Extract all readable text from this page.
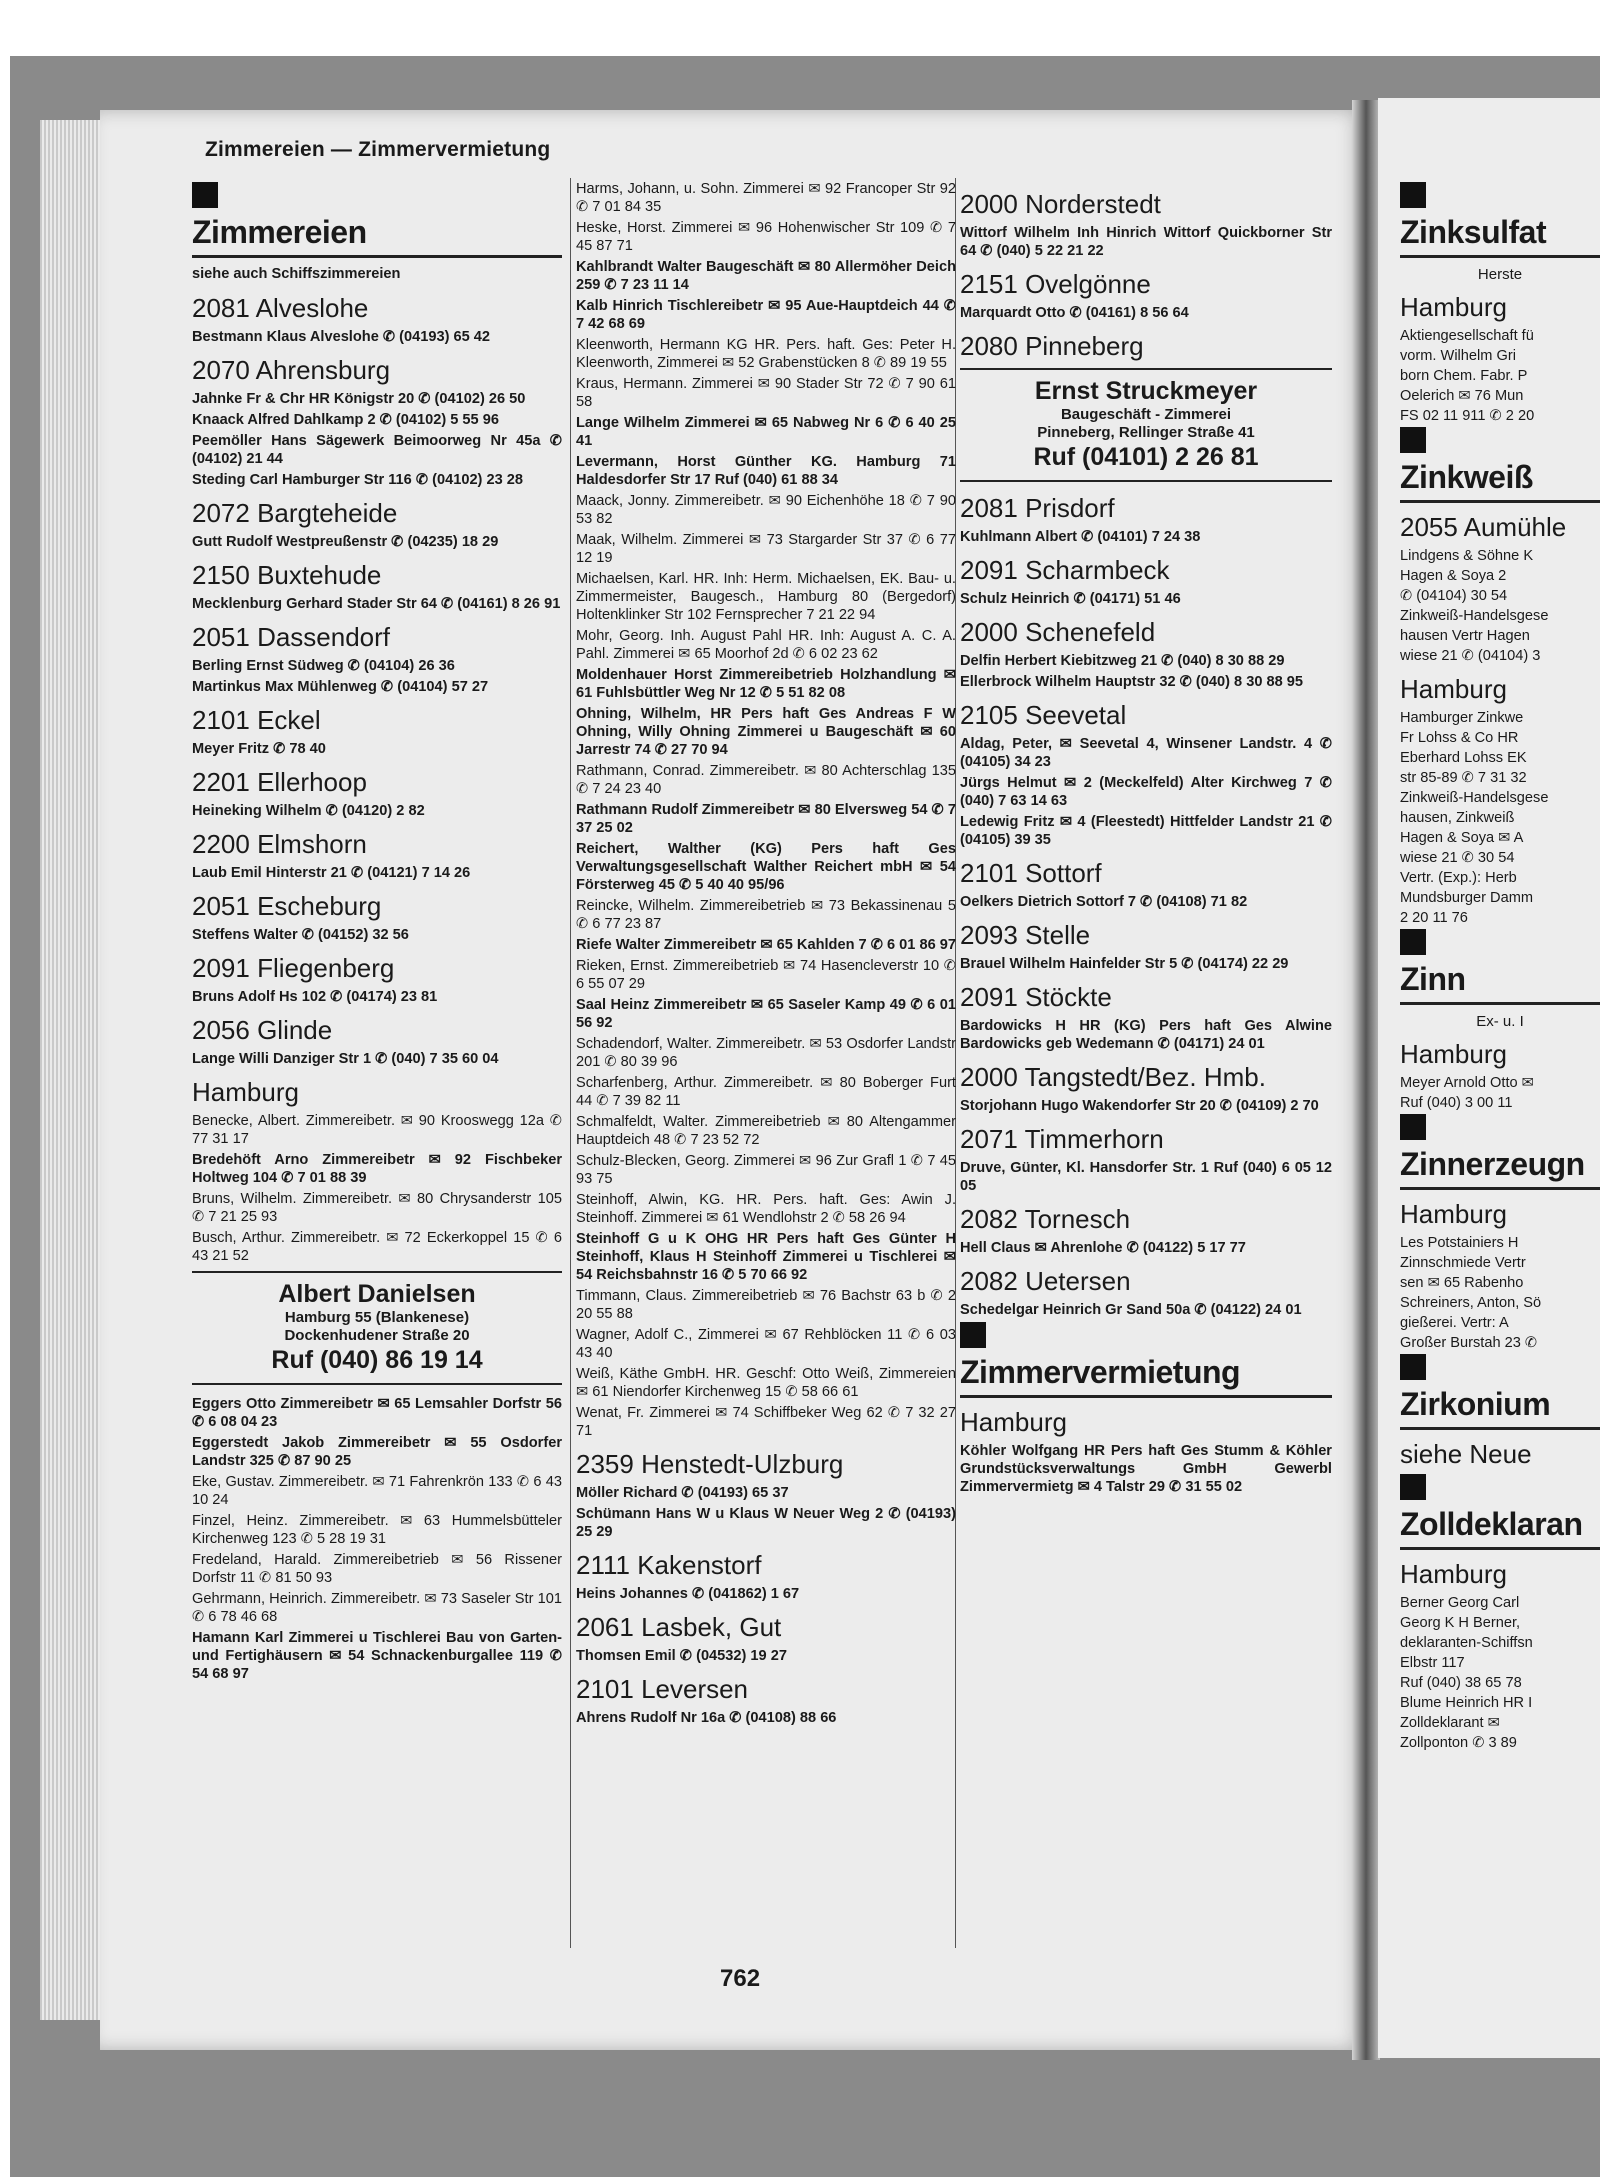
Zimmereien — Zimmervermietung
Zimmereien
siehe auch Schiffszimmereien
2081 Alveslohe
Bestmann Klaus Alveslohe ✆ (04193) 65 42
2070 Ahrensburg
Jahnke Fr & Chr HR Königstr 20 ✆ (04102) 26 50
Knaack Alfred Dahlkamp 2 ✆ (04102) 5 55 96
Peemöller Hans Sägewerk Beimoorweg Nr 45a ✆ (04102) 21 44
Steding Carl Hamburger Str 116 ✆ (04102) 23 28
2072 Bargteheide
Gutt Rudolf Westpreußenstr ✆ (04235) 18 29
2150 Buxtehude
Mecklenburg Gerhard Stader Str 64 ✆ (04161) 8 26 91
2051 Dassendorf
Berling Ernst Südweg ✆ (04104) 26 36
Martinkus Max Mühlenweg ✆ (04104) 57 27
2101 Eckel
Meyer Fritz ✆ 78 40
2201 Ellerhoop
Heineking Wilhelm ✆ (04120) 2 82
2200 Elmshorn
Laub Emil Hinterstr 21 ✆ (04121) 7 14 26
2051 Escheburg
Steffens Walter ✆ (04152) 32 56
2091 Fliegenberg
Bruns Adolf Hs 102 ✆ (04174) 23 81
2056 Glinde
Lange Willi Danziger Str 1 ✆ (040) 7 35 60 04
Hamburg
Benecke, Albert. Zimmereibetr. ✉ 90 Krooswegg 12a ✆ 77 31 17
Bredehöft Arno Zimmereibetr ✉ 92 Fischbeker Holtweg 104 ✆ 7 01 88 39
Bruns, Wilhelm. Zimmereibetr. ✉ 80 Chrysanderstr 105 ✆ 7 21 25 93
Busch, Arthur. Zimmereibetr. ✉ 72 Eckerkoppel 15 ✆ 6 43 21 52
Albert Danielsen
Hamburg 55 (Blankenese)
Dockenhudener Straße 20
Ruf (040) 86 19 14
Eggers Otto Zimmereibetr ✉ 65 Lemsahler Dorfstr 56 ✆ 6 08 04 23
Eggerstedt Jakob Zimmereibetr ✉ 55 Osdorfer Landstr 325 ✆ 87 90 25
Eke, Gustav. Zimmereibetr. ✉ 71 Fahrenkrön 133 ✆ 6 43 10 24
Finzel, Heinz. Zimmereibetr. ✉ 63 Hummelsbütteler Kirchenweg 123 ✆ 5 28 19 31
Fredeland, Harald. Zimmereibetrieb ✉ 56 Rissener Dorfstr 11 ✆ 81 50 93
Gehrmann, Heinrich. Zimmereibetr. ✉ 73 Saseler Str 101 ✆ 6 78 46 68
Hamann Karl Zimmerei u Tischlerei Bau von Garten- und Fertighäusern ✉ 54 Schnackenburgallee 119 ✆ 54 68 97
Harms, Johann, u. Sohn. Zimmerei ✉ 92 Francoper Str 92 ✆ 7 01 84 35
Heske, Horst. Zimmerei ✉ 96 Hohenwischer Str 109 ✆ 7 45 87 71
Kahlbrandt Walter Baugeschäft ✉ 80 Allermöher Deich 259 ✆ 7 23 11 14
Kalb Hinrich Tischlereibetr ✉ 95 Aue-Hauptdeich 44 ✆ 7 42 68 69
Kleenworth, Hermann KG HR. Pers. haft. Ges: Peter H. Kleenworth, Zimmerei ✉ 52 Grabenstücken 8 ✆ 89 19 55
Kraus, Hermann. Zimmerei ✉ 90 Stader Str 72 ✆ 7 90 61 58
Lange Wilhelm Zimmerei ✉ 65 Nabweg Nr 6 ✆ 6 40 25 41
Levermann, Horst Günther KG. Hamburg 71 Haldesdorfer Str 17 Ruf (040) 61 88 34
Maack, Jonny. Zimmereibetr. ✉ 90 Eichenhöhe 18 ✆ 7 90 53 82
Maak, Wilhelm. Zimmerei ✉ 73 Stargarder Str 37 ✆ 6 77 12 19
Michaelsen, Karl. HR. Inh: Herm. Michaelsen, EK. Bau- u. Zimmermeister, Baugesch., Hamburg 80 (Bergedorf) Holtenklinker Str 102 Fernsprecher 7 21 22 94
Mohr, Georg. Inh. August Pahl HR. Inh: August A. C. A. Pahl. Zimmerei ✉ 65 Moorhof 2d ✆ 6 02 23 62
Moldenhauer Horst Zimmereibetrieb Holzhandlung ✉ 61 Fuhlsbüttler Weg Nr 12 ✆ 5 51 82 08
Ohning, Wilhelm, HR Pers haft Ges Andreas F W Ohning, Willy Ohning Zimmerei u Baugeschäft ✉ 60 Jarrestr 74 ✆ 27 70 94
Rathmann, Conrad. Zimmereibetr. ✉ 80 Achterschlag 135 ✆ 7 24 23 40
Rathmann Rudolf Zimmereibetr ✉ 80 Elversweg 54 ✆ 7 37 25 02
Reichert, Walther (KG) Pers haft Ges Verwaltungsgesellschaft Walther Reichert mbH ✉ 54 Försterweg 45 ✆ 5 40 40 95/96
Reincke, Wilhelm. Zimmereibetrieb ✉ 73 Bekassinenau 5 ✆ 6 77 23 87
Riefe Walter Zimmereibetr ✉ 65 Kahlden 7 ✆ 6 01 86 97
Rieken, Ernst. Zimmereibetrieb ✉ 74 Hasencleverstr 10 ✆ 6 55 07 29
Saal Heinz Zimmereibetr ✉ 65 Saseler Kamp 49 ✆ 6 01 56 92
Schadendorf, Walter. Zimmereibetr. ✉ 53 Osdorfer Landstr 201 ✆ 80 39 96
Scharfenberg, Arthur. Zimmereibetr. ✉ 80 Boberger Furt 44 ✆ 7 39 82 11
Schmalfeldt, Walter. Zimmereibetrieb ✉ 80 Altengammer Hauptdeich 48 ✆ 7 23 52 72
Schulz-Blecken, Georg. Zimmerei ✉ 96 Zur Grafl 1 ✆ 7 45 93 75
Steinhoff, Alwin, KG. HR. Pers. haft. Ges: Awin J. Steinhoff. Zimmerei ✉ 61 Wendlohstr 2 ✆ 58 26 94
Steinhoff G u K OHG HR Pers haft Ges Günter H Steinhoff, Klaus H Steinhoff Zimmerei u Tischlerei ✉ 54 Reichsbahnstr 16 ✆ 5 70 66 92
Timmann, Claus. Zimmereibetrieb ✉ 76 Bachstr 63 b ✆ 2 20 55 88
Wagner, Adolf C., Zimmerei ✉ 67 Rehblöcken 11 ✆ 6 03 43 40
Weiß, Käthe GmbH. HR. Geschf: Otto Weiß, Zimmereien ✉ 61 Niendorfer Kirchenweg 15 ✆ 58 66 61
Wenat, Fr. Zimmerei ✉ 74 Schiffbeker Weg 62 ✆ 7 32 27 71
2359 Henstedt-Ulzburg
Möller Richard ✆ (04193) 65 37
Schümann Hans W u Klaus W Neuer Weg 2 ✆ (04193) 25 29
2111 Kakenstorf
Heins Johannes ✆ (041862) 1 67
2061 Lasbek, Gut
Thomsen Emil ✆ (04532) 19 27
2101 Leversen
Ahrens Rudolf Nr 16a ✆ (04108) 88 66
2000 Norderstedt
Wittorf Wilhelm Inh Hinrich Wittorf Quickborner Str 64 ✆ (040) 5 22 21 22
2151 Ovelgönne
Marquardt Otto ✆ (04161) 8 56 64
2080 Pinneberg
Ernst Struckmeyer
Baugeschäft - Zimmerei
Pinneberg, Rellinger Straße 41
Ruf (04101) 2 26 81
2081 Prisdorf
Kuhlmann Albert ✆ (04101) 7 24 38
2091 Scharmbeck
Schulz Heinrich ✆ (04171) 51 46
2000 Schenefeld
Delfin Herbert Kiebitzweg 21 ✆ (040) 8 30 88 29
Ellerbrock Wilhelm Hauptstr 32 ✆ (040) 8 30 88 95
2105 Seevetal
Aldag, Peter, ✉ Seevetal 4, Winsener Landstr. 4 ✆ (04105) 34 23
Jürgs Helmut ✉ 2 (Meckelfeld) Alter Kirchweg 7 ✆ (040) 7 63 14 63
Ledewig Fritz ✉ 4 (Fleestedt) Hittfelder Landstr 21 ✆ (04105) 39 35
2101 Sottorf
Oelkers Dietrich Sottorf 7 ✆ (04108) 71 82
2093 Stelle
Brauel Wilhelm Hainfelder Str 5 ✆ (04174) 22 29
2091 Stöckte
Bardowicks H HR (KG) Pers haft Ges Alwine Bardowicks geb Wedemann ✆ (04171) 24 01
2000 Tangstedt/Bez. Hmb.
Storjohann Hugo Wakendorfer Str 20 ✆ (04109) 2 70
2071 Timmerhorn
Druve, Günter, Kl. Hansdorfer Str. 1 Ruf (040) 6 05 12 05
2082 Tornesch
Hell Claus ✉ Ahrenlohe ✆ (04122) 5 17 77
2082 Uetersen
Schedelgar Heinrich Gr Sand 50a ✆ (04122) 24 01
Zimmervermietung
Hamburg
Köhler Wolfgang HR Pers haft Ges Stumm & Köhler Grundstücksverwaltungs GmbH Gewerbl Zimmervermietg ✉ 4 Talstr 29 ✆ 31 55 02
Zinksulfat
Herste
Hamburg
Aktiengesellschaft fü
vorm. Wilhelm Gri
born Chem. Fabr. P
Oelerich ✉ 76 Mun
FS 02 11 911 ✆ 2 20
Zinkweiß
2055 Aumühle
Lindgens & Söhne K
Hagen & Soya 2
✆ (04104) 30 54
Zinkweiß-Handelsgese
hausen Vertr Hagen
wiese 21 ✆ (04104) 3
Hamburg
Hamburger Zinkwe
Fr Lohss & Co HR
Eberhard Lohss EK
str 85-89 ✆ 7 31 32
Zinkweiß-Handelsgese
hausen, Zinkweiß
Hagen & Soya ✉ A
wiese 21 ✆ 30 54
Vertr. (Exp.): Herb
Mundsburger Damm
2 20 11 76
Zinn
Ex- u. I
Hamburg
Meyer Arnold Otto ✉
Ruf (040) 3 00 11
Zinnerzeugn
Hamburg
Les Potstainiers H
Zinnschmiede Vertr
sen ✉ 65 Rabenho
Schreiners, Anton, Sö
gießerei. Vertr: A
Großer Burstah 23 ✆
Zirkonium
siehe Neue
Zolldeklaran
Hamburg
Berner Georg Carl
Georg K H Berner,
deklaranten-Schiffsn
Elbstr 117
Ruf (040) 38 65 78
Blume Heinrich HR I
Zolldeklarant ✉
Zollponton ✆ 3 89
762
